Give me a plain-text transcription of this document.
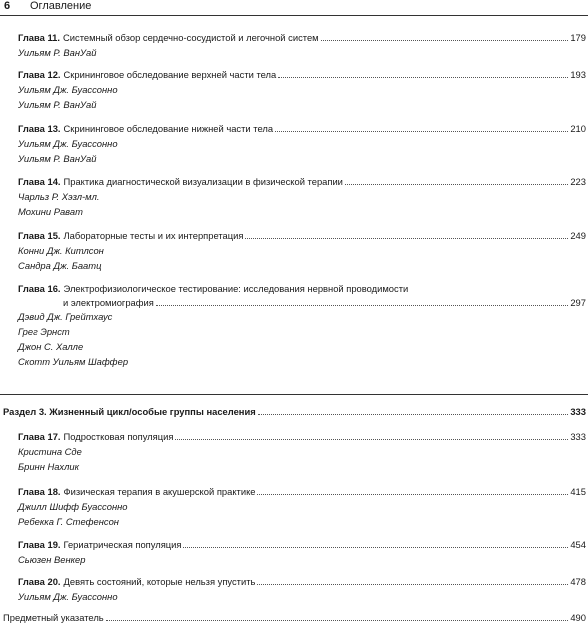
6 Оглавление
Глава 11. Системный обзор сердечно-сосудистой и легочной систем	179
Уильям Р. ВанУай
Глава 12. Скрининговое обследование верхней части тела	193
Уильям Дж. Буассонно
Уильям Р. ВанУай
Глава 13. Скрининговое обследование нижней части тела	210
Уильям Дж. Буассонно
Уильям Р. ВанУай
Глава 14. Практика диагностической визуализации в физической терапии	223
Чарльз Р. Хэзл-мл.
Мохини Рават
Глава 15. Лабораторные тесты и их интерпретация	249
Конни Дж. Китлсон
Сандра Дж. Баатц
Глава 16. Электрофизиологическое тестирование: исследования нервной проводимости
и электромиография	297
Дэвид Дж. Грейтхаус
Грег Эрнст
Джон С. Халле
Скотт Уильям Шаффер
Раздел 3. Жизненный цикл/особые группы населения	333
Глава 17. Подростковая популяция	333
Кристина Сде
Бринн Нахлик
Глава 18. Физическая терапия в акушерской практике	415
Джилл Шифф Буассонно
Ребекка Г. Стефенсон
Глава 19. Гериатрическая популяция	454
Сьюзен Венкер
Глава 20. Девять состояний, которые нельзя упустить	478
Уильям Дж. Буассонно
Предметный указатель	490
